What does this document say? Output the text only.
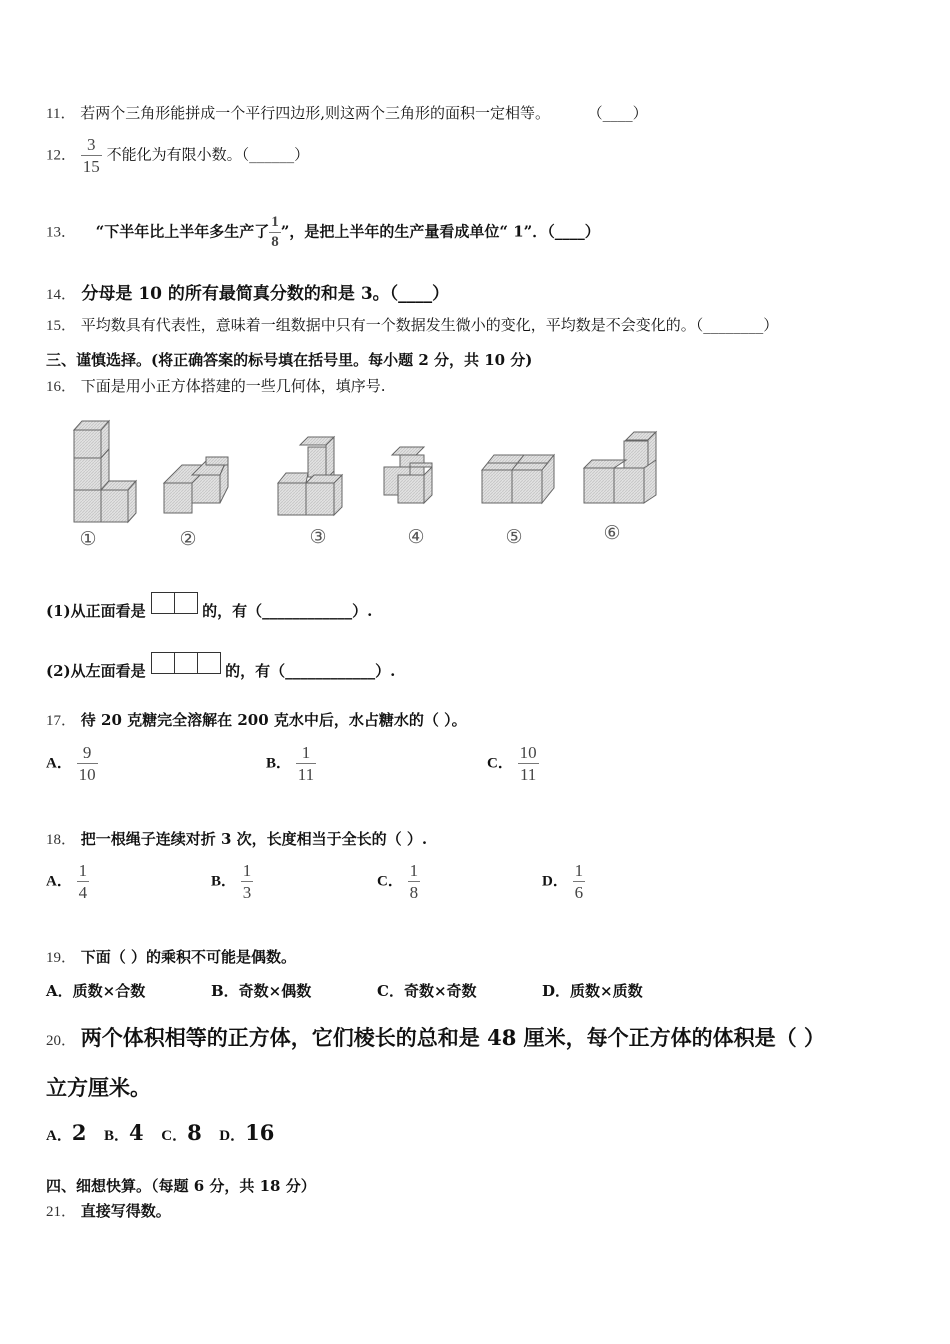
11． 若两个三角形能拼成一个平行四边形,则这两个三角形的面积一定相等。	（____）
12． $\frac{3}{15}$ 不能化为有限小数。（______）
13． “下半年比上半年多生产了 $\frac{1}{8}$ ”，是把上半年的生产量看成单位“ 1”．（____）
14． 分母是 10 的所有最简真分数的和是 3。（____）
15． 平均数具有代表性，意味着一组数据中只有一个数据发生微小的变化，平均数是不会变化的。（________）
三、谨慎选择。(将正确答案的标号填在括号里。每小题 2 分，共 10 分)
16． 下面是用小正方体搭建的一些几何体，填序号.
①	②	③	④	⑤	⑥
(1)从正面看是	的，有（____________）.
(2)从左面看是	的，有（____________）.
17． 待 20 克糖完全溶解在 200 克水中后，水占糖水的（ ）。
A． $\frac{9}{10}$	B． $\frac{1}{11}$	C． $\frac{10}{11}$
18． 把一根绳子连续对折 3 次，长度相当于全长的（ ）.
A． $\frac{1}{4}$	B． $\frac{1}{3}$	C． $\frac{1}{8}$	D． $\frac{1}{6}$
19． 下面（ ）的乘积不可能是偶数。
A．质数×合数	B．奇数×偶数	C．奇数×奇数	D．质数×质数
20． 两个体积相等的正方体，它们棱长的总和是 48 厘米，每个正方体的体积是（ ）
立方厘米。
A．2 B．4 C．8 D．16
四、细想快算。（每题 6 分，共 18 分）
21． 直接写得数。
